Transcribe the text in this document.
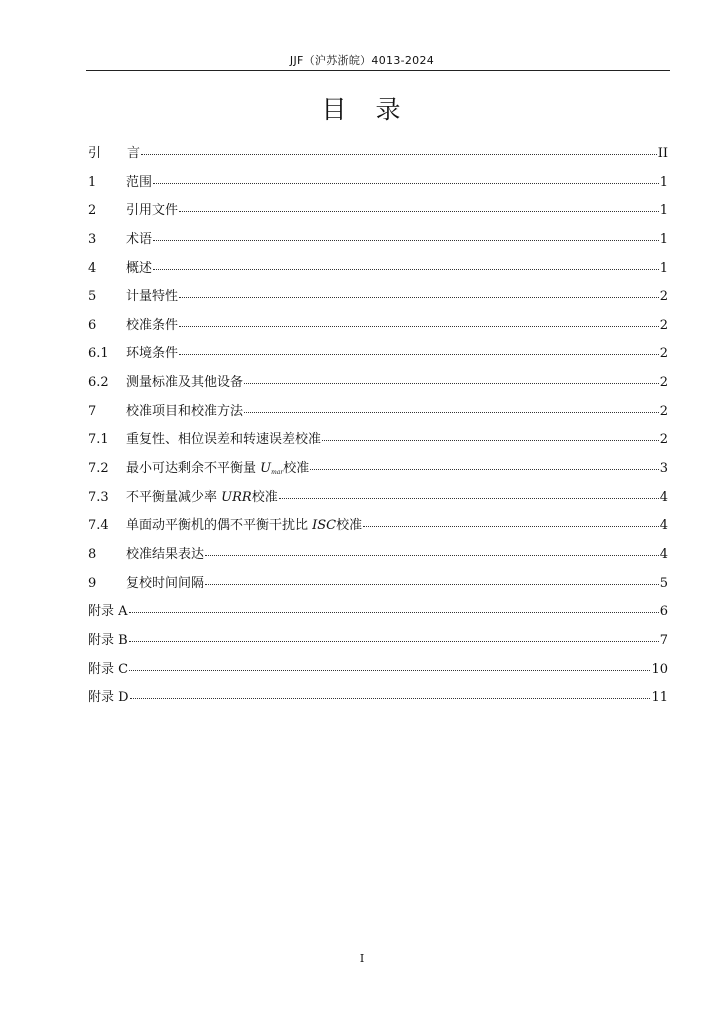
JJF（沪苏浙皖）4013-2024
目　录
引　　言	II
1	范围	1
2	引用文件	1
3	术语	1
4	概述	1
5	计量特性	2
6	校准条件	2
6.1	环境条件	2
6.2	测量标准及其他设备	2
7	校准项目和校准方法	2
7.1	重复性、相位误差和转速误差校准	2
7.2	最小可达剩余不平衡量 $U_{mar}$校准	3
7.3	不平衡量减少率 URR校准	4
7.4	单面动平衡机的偶不平衡干扰比 ISC校准	4
8	校准结果表达	4
9	复校时间间隔	5
附录 A	6
附录 B	7
附录 C	10
附录 D	11
I
